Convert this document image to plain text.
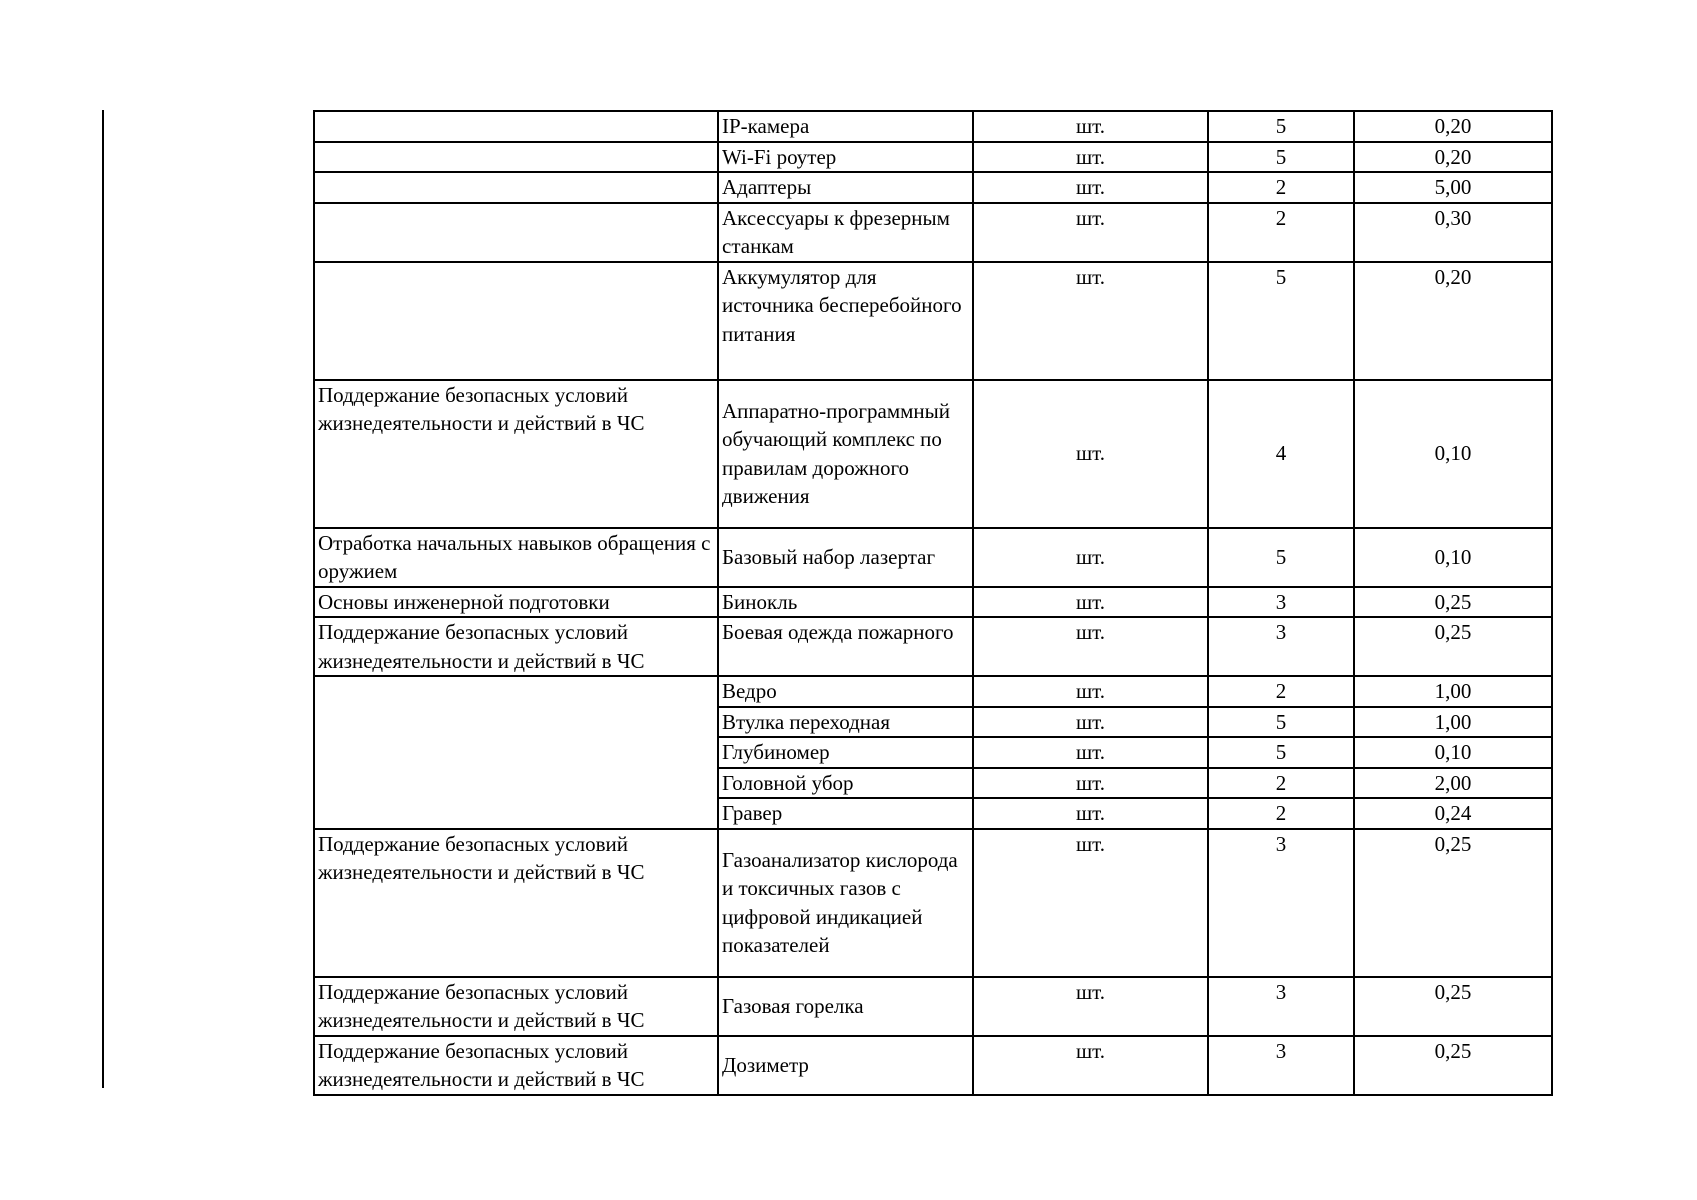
	IP-камера	шт.	5	0,20
	Wi-Fi роутер	шт.	5	0,20
	Адаптеры	шт.	2	5,00
	Аксессуары к фрезерным станкам	шт.	2	0,30
	Аккумулятор для источника бесперебойного питания	шт.	5	0,20
Поддержание безопасных условий жизнедеятельности и действий в ЧС	Аппаратно-программный обучающий комплекс по правилам дорожного движения	шт.	4	0,10
Отработка начальных навыков обращения с оружием	Базовый набор лазертаг	шт.	5	0,10
Основы инженерной подготовки	Бинокль	шт.	3	0,25
Поддержание безопасных условий жизнедеятельности и действий в ЧС	Боевая одежда пожарного	шт.	3	0,25
	Ведро	шт.	2	1,00
	Втулка переходная	шт.	5	1,00
	Глубиномер	шт.	5	0,10
	Головной убор	шт.	2	2,00
	Гравер	шт.	2	0,24
Поддержание безопасных условий жизнедеятельности и действий в ЧС	Газоанализатор кислорода и токсичных газов с цифровой индикацией показателей	шт.	3	0,25
Поддержание безопасных условий жизнедеятельности и действий в ЧС	Газовая горелка	шт.	3	0,25
Поддержание безопасных условий жизнедеятельности и действий в ЧС	Дозиметр	шт.	3	0,25
